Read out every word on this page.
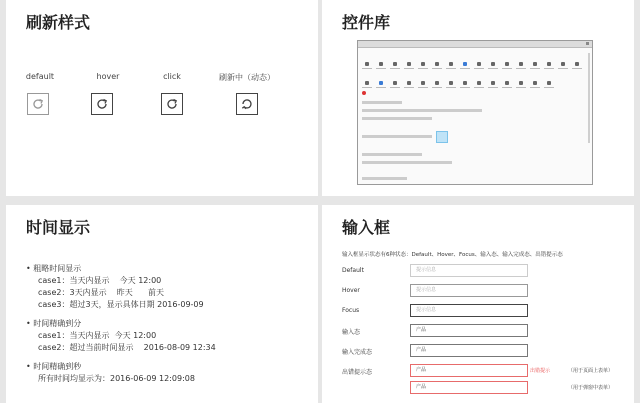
刷新样式
default	hover	click	刷新中（动态）
控件库
时间显示
• 粗略时间显示
case1：当天内显示    今天 12:00
case2：3天内显示    昨天      前天
case3：超过3天，显示具体日期 2016-09-09
• 时间精确到分
case1：当天内显示  今天 12:00
case2：超过当前时间显示    2016-08-09 12:34
• 时间精确到秒
所有时间均显示为：2016-06-09 12:09:08
输入框
输入框显示状态有6种状态：Default、Hover、Focus、输入态、输入完成态、出错提示态
Default	提示信息
Hover	提示信息
Focus	提示信息
输入态	产品
输入完成态	产品
出错提示态	产品	出错提示	（用于页面上表单）
产品	（用于弹窗中表单）
